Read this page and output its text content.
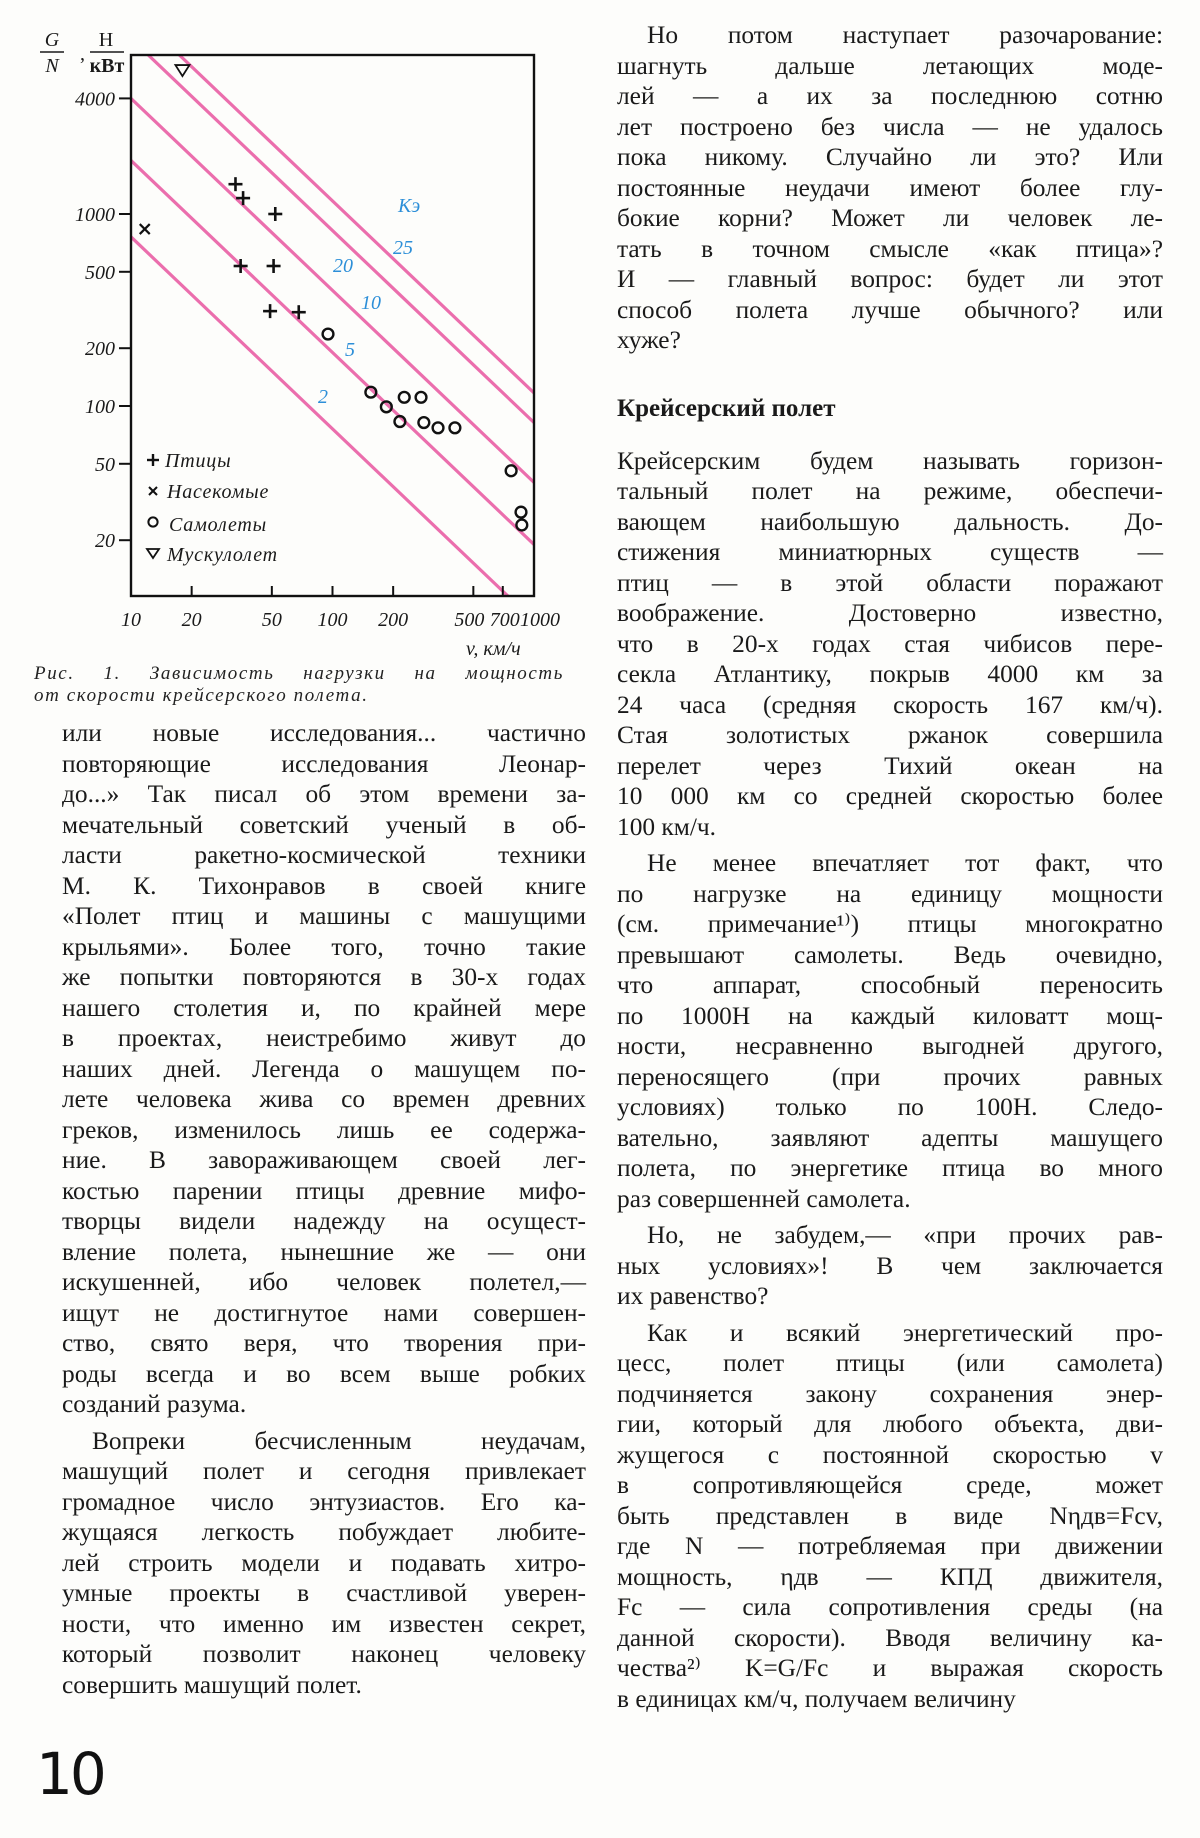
G
N
,
Н
кВт
20
50
100
200
500
1000
4000
10 20	50 100 200 500 700 1000
Kэ
2
5
10
20
25
Птицы
Насекомые
Самолеты
Мускулолет
v, км/ч
Рис. 1. Зависимость нагрузки на мощность
от скорости крейсерского полета.
или новые исследования... частично
повторяющие исследования Леонар-
до...» Так писал об этом времени за-
мечательный советский ученый в об-
ласти ракетно-космической техники
М. К. Тихонравов в своей книге
«Полет птиц и машины с машущими
крыльями». Более того, точно такие
же попытки повторяются в 30-х годах
нашего столетия и, по крайней мере
в проектах, неистребимо живут до
наших дней. Легенда о машущем по-
лете человека жива со времен древних
греков, изменилось лишь ее содержа-
ние. В завораживающем своей лег-
костью парении птицы древние мифо-
творцы видели надежду на осущест-
вление полета, нынешние же — они
искушенней, ибо человек полетел,—
ищут не достигнутое нами совершен-
ство, свято веря, что творения при-
роды всегда и во всем выше робких
созданий разума.
Вопреки бесчисленным неудачам,
машущий полет и сегодня привлекает
громадное число энтузиастов. Его ка-
жущаяся легкость побуждает любите-
лей строить модели и подавать хитро-
умные проекты в счастливой уверен-
ности, что именно им известен секрет,
который позволит наконец человеку
совершить машущий полет.
Но потом наступает разочарование:
шагнуть дальше летающих моде-
лей — а их за последнюю сотню
лет построено без числа — не удалось
пока никому. Случайно ли это? Или
постоянные неудачи имеют более глу-
бокие корни? Может ли человек ле-
тать в точном смысле «как птица»?
И — главный вопрос: будет ли этот
способ полета лучше обычного? или
хуже?
Крейсерский полет
Крейсерским будем называть горизон-
тальный полет на режиме, обеспечи-
вающем наибольшую дальность. До-
стижения миниатюрных существ —
птиц — в этой области поражают
воображение. Достоверно известно,
что в 20-х годах стая чибисов пере-
секла Атлантику, покрыв 4000 км за
24 часа (средняя скорость 167 км/ч).
Стая золотистых ржанок совершила
перелет через Тихий океан на
10 000 км со средней скоростью более
100 км/ч.
Не менее впечатляет тот факт, что
по нагрузке на единицу мощности
(см. примечание¹⁾) птицы многократно
превышают самолеты. Ведь очевидно,
что аппарат, способный переносить
по 1000Н на каждый киловатт мощ-
ности, несравненно выгодней другого,
переносящего (при прочих равных
условиях) только по 100Н. Следо-
вательно, заявляют адепты машущего
полета, по энергетике птица во много
раз совершенней самолета.
Но, не забудем,— «при прочих рав-
ных условиях»! В чем заключается
их равенство?
Как и всякий энергетический про-
цесс, полет птицы (или самолета)
подчиняется закону сохранения энер-
гии, который для любого объекта, дви-
жущегося с постоянной скоростью v
в сопротивляющейся среде, может
быть представлен в виде Nηдв=Fсv,
где N — потребляемая при движении
мощность, ηдв — КПД движителя,
Fс — сила сопротивления среды (на
данной скорости). Вводя величину ка-
чества²⁾ K=G/Fс и выражая скорость
в единицах км/ч, получаем величину
10
